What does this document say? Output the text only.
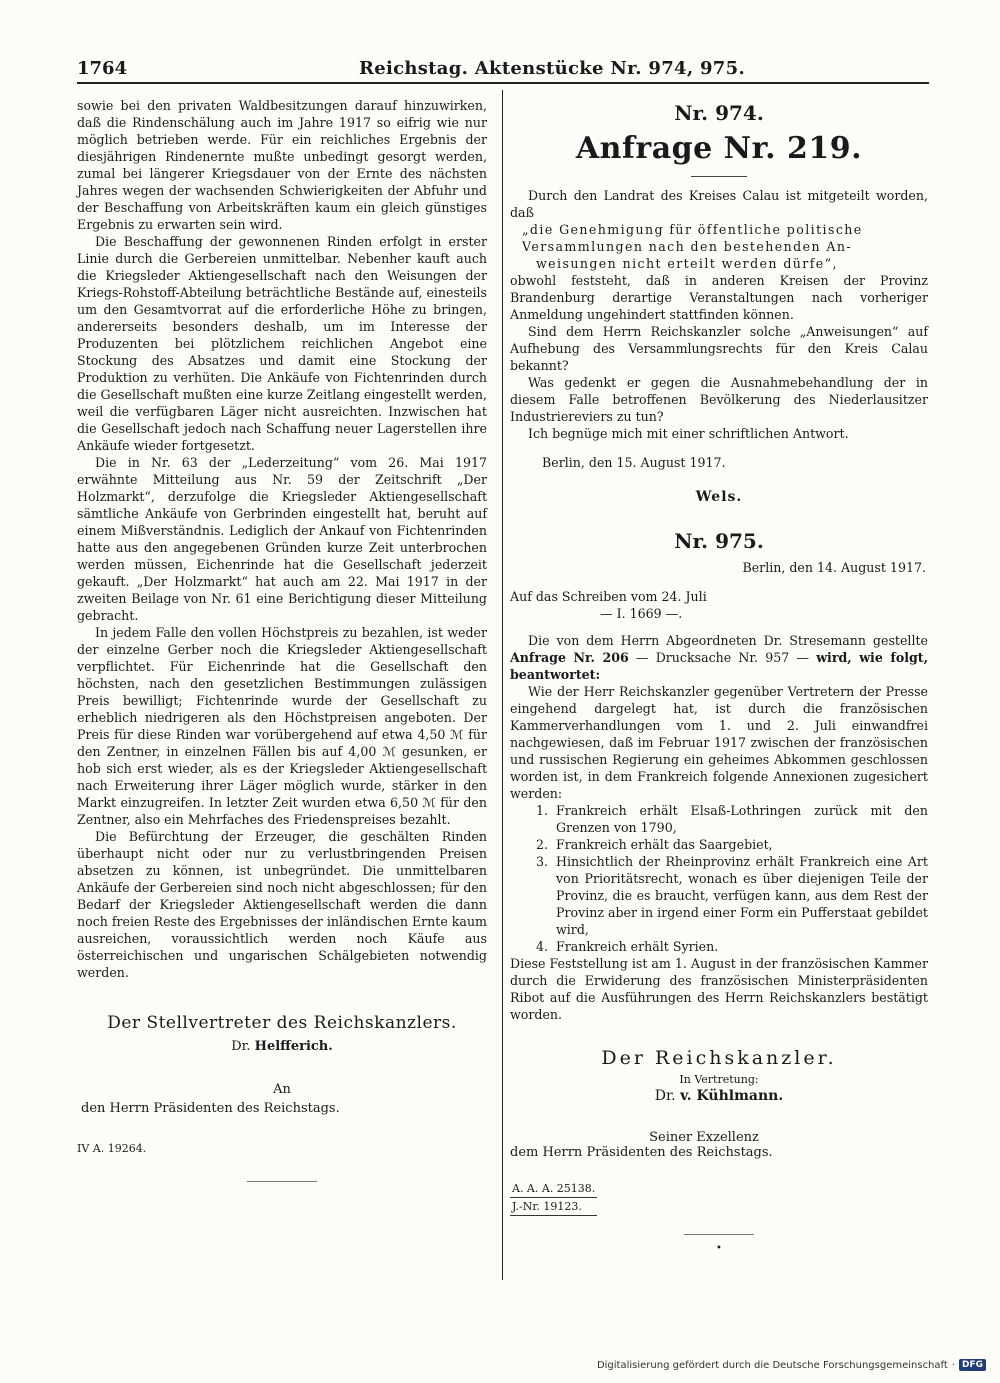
1764	Reichstag. Aktenstücke Nr. 974, 975.

sowie bei den privaten Waldbesitzungen darauf hinzuwirken, daß die Rindenschälung auch im Jahre 1917 so eifrig wie nur möglich betrieben werde. Für ein reichliches Ergebnis der diesjährigen Rindenernte mußte unbedingt gesorgt werden, zumal bei längerer Kriegsdauer von der Ernte des nächsten Jahres wegen der wachsenden Schwierigkeiten der Abfuhr und der Beschaffung von Arbeitskräften kaum ein gleich günstiges Ergebnis zu erwarten sein wird.

Die Beschaffung der gewonnenen Rinden erfolgt in erster Linie durch die Gerbereien unmittelbar. Nebenher kauft auch die Kriegsleder Aktiengesellschaft nach den Weisungen der Kriegs-Rohstoff-Abteilung beträchtliche Bestände auf, einesteils um den Gesamtvorrat auf die erforderliche Höhe zu bringen, andererseits besonders deshalb, um im Interesse der Produzenten bei plötzlichem reichlichen Angebot eine Stockung des Absatzes und damit eine Stockung der Produktion zu verhüten. Die Ankäufe von Fichtenrinden durch die Gesellschaft mußten eine kurze Zeitlang eingestellt werden, weil die verfügbaren Läger nicht ausreichten. Inzwischen hat die Gesellschaft jedoch nach Schaffung neuer Lagerstellen ihre Ankäufe wieder fortgesetzt.

Die in Nr. 63 der „Lederzeitung“ vom 26. Mai 1917 erwähnte Mitteilung aus Nr. 59 der Zeitschrift „Der Holzmarkt“, derzufolge die Kriegsleder Aktiengesellschaft sämtliche Ankäufe von Gerbrinden eingestellt hat, beruht auf einem Mißverständnis. Lediglich der Ankauf von Fichtenrinden hatte aus den angegebenen Gründen kurze Zeit unterbrochen werden müssen, Eichenrinde hat die Gesellschaft jederzeit gekauft. „Der Holzmarkt“ hat auch am 22. Mai 1917 in der zweiten Beilage von Nr. 61 eine Berichtigung dieser Mitteilung gebracht.

In jedem Falle den vollen Höchstpreis zu bezahlen, ist weder der einzelne Gerber noch die Kriegsleder Aktiengesellschaft verpflichtet. Für Eichenrinde hat die Gesellschaft den höchsten, nach den gesetzlichen Bestimmungen zulässigen Preis bewilligt; Fichtenrinde wurde der Gesellschaft zu erheblich niedrigeren als den Höchstpreisen angeboten. Der Preis für diese Rinden war vorübergehend auf etwa 4,50 ℳ für den Zentner, in einzelnen Fällen bis auf 4,00 ℳ gesunken, er hob sich erst wieder, als es der Kriegsleder Aktiengesellschaft nach Erweiterung ihrer Läger möglich wurde, stärker in den Markt einzugreifen. In letzter Zeit wurden etwa 6,50 ℳ für den Zentner, also ein Mehrfaches des Friedenspreises bezahlt.

Die Befürchtung der Erzeuger, die geschälten Rinden überhaupt nicht oder nur zu verlustbringenden Preisen absetzen zu können, ist unbegründet. Die unmittelbaren Ankäufe der Gerbereien sind noch nicht abgeschlossen; für den Bedarf der Kriegsleder Aktiengesellschaft werden die dann noch freien Reste des Ergebnisses der inländischen Ernte kaum ausreichen, voraussichtlich werden noch Käufe aus österreichischen und ungarischen Schälgebieten notwendig werden.

Der Stellvertreter des Reichskanzlers.
Dr. Helfferich.
An
den Herrn Präsidenten des Reichstags.

IV A. 19264.

Nr. 974.
Anfrage Nr. 219.

Durch den Landrat des Kreises Calau ist mitgeteilt worden, daß

„die Genehmigung für öffentliche politische
Versammlungen nach den bestehenden An-
weisungen nicht erteilt werden dürfe“,

obwohl feststeht, daß in anderen Kreisen der Provinz Brandenburg derartige Veranstaltungen nach vorheriger Anmeldung ungehindert stattfinden können.

Sind dem Herrn Reichskanzler solche „Anweisungen“ auf Aufhebung des Versammlungsrechts für den Kreis Calau bekannt?

Was gedenkt er gegen die Ausnahmebehandlung der in diesem Falle betroffenen Bevölkerung des Niederlausitzer Industriereviers zu tun?

Ich begnüge mich mit einer schriftlichen Antwort.

Berlin, den 15. August 1917.
Wels.
Nr. 975.
Berlin, den 14. August 1917.
Auf das Schreiben vom 24. Juli
— I. 1669 —.

Die von dem Herrn Abgeordneten Dr. Stresemann gestellte Anfrage Nr. 206 — Drucksache Nr. 957 — wird, wie folgt, beantwortet:

Wie der Herr Reichskanzler gegenüber Vertretern der Presse eingehend dargelegt hat, ist durch die französischen Kammerverhandlungen vom 1. und 2. Juli einwandfrei nachgewiesen, daß im Februar 1917 zwischen der französischen und russischen Regierung ein geheimes Abkommen geschlossen worden ist, in dem Frankreich folgende Annexionen zugesichert werden:

1. Frankreich erhält Elsaß-Lothringen zurück mit den Grenzen von 1790,
2. Frankreich erhält das Saargebiet,
3. Hinsichtlich der Rheinprovinz erhält Frankreich eine Art von Prioritätsrecht, wonach es über diejenigen Teile der Provinz, die es braucht, verfügen kann, aus dem Rest der Provinz aber in irgend einer Form ein Pufferstaat gebildet wird,
4. Frankreich erhält Syrien.

Diese Feststellung ist am 1. August in der französischen Kammer durch die Erwiderung des französischen Ministerpräsidenten Ribot auf die Ausführungen des Herrn Reichskanzlers bestätigt worden.

Der Reichskanzler.
In Vertretung:
Dr. v. Kühlmann.
Seiner Exzellenz
dem Herrn Präsidenten des Reichstags.
$\frac{A. A. A. 25138.}{J.-Nr. 19123.}$
•
Digitalisierung gefördert durch die Deutsche Forschungsgemeinschaft · DFG
